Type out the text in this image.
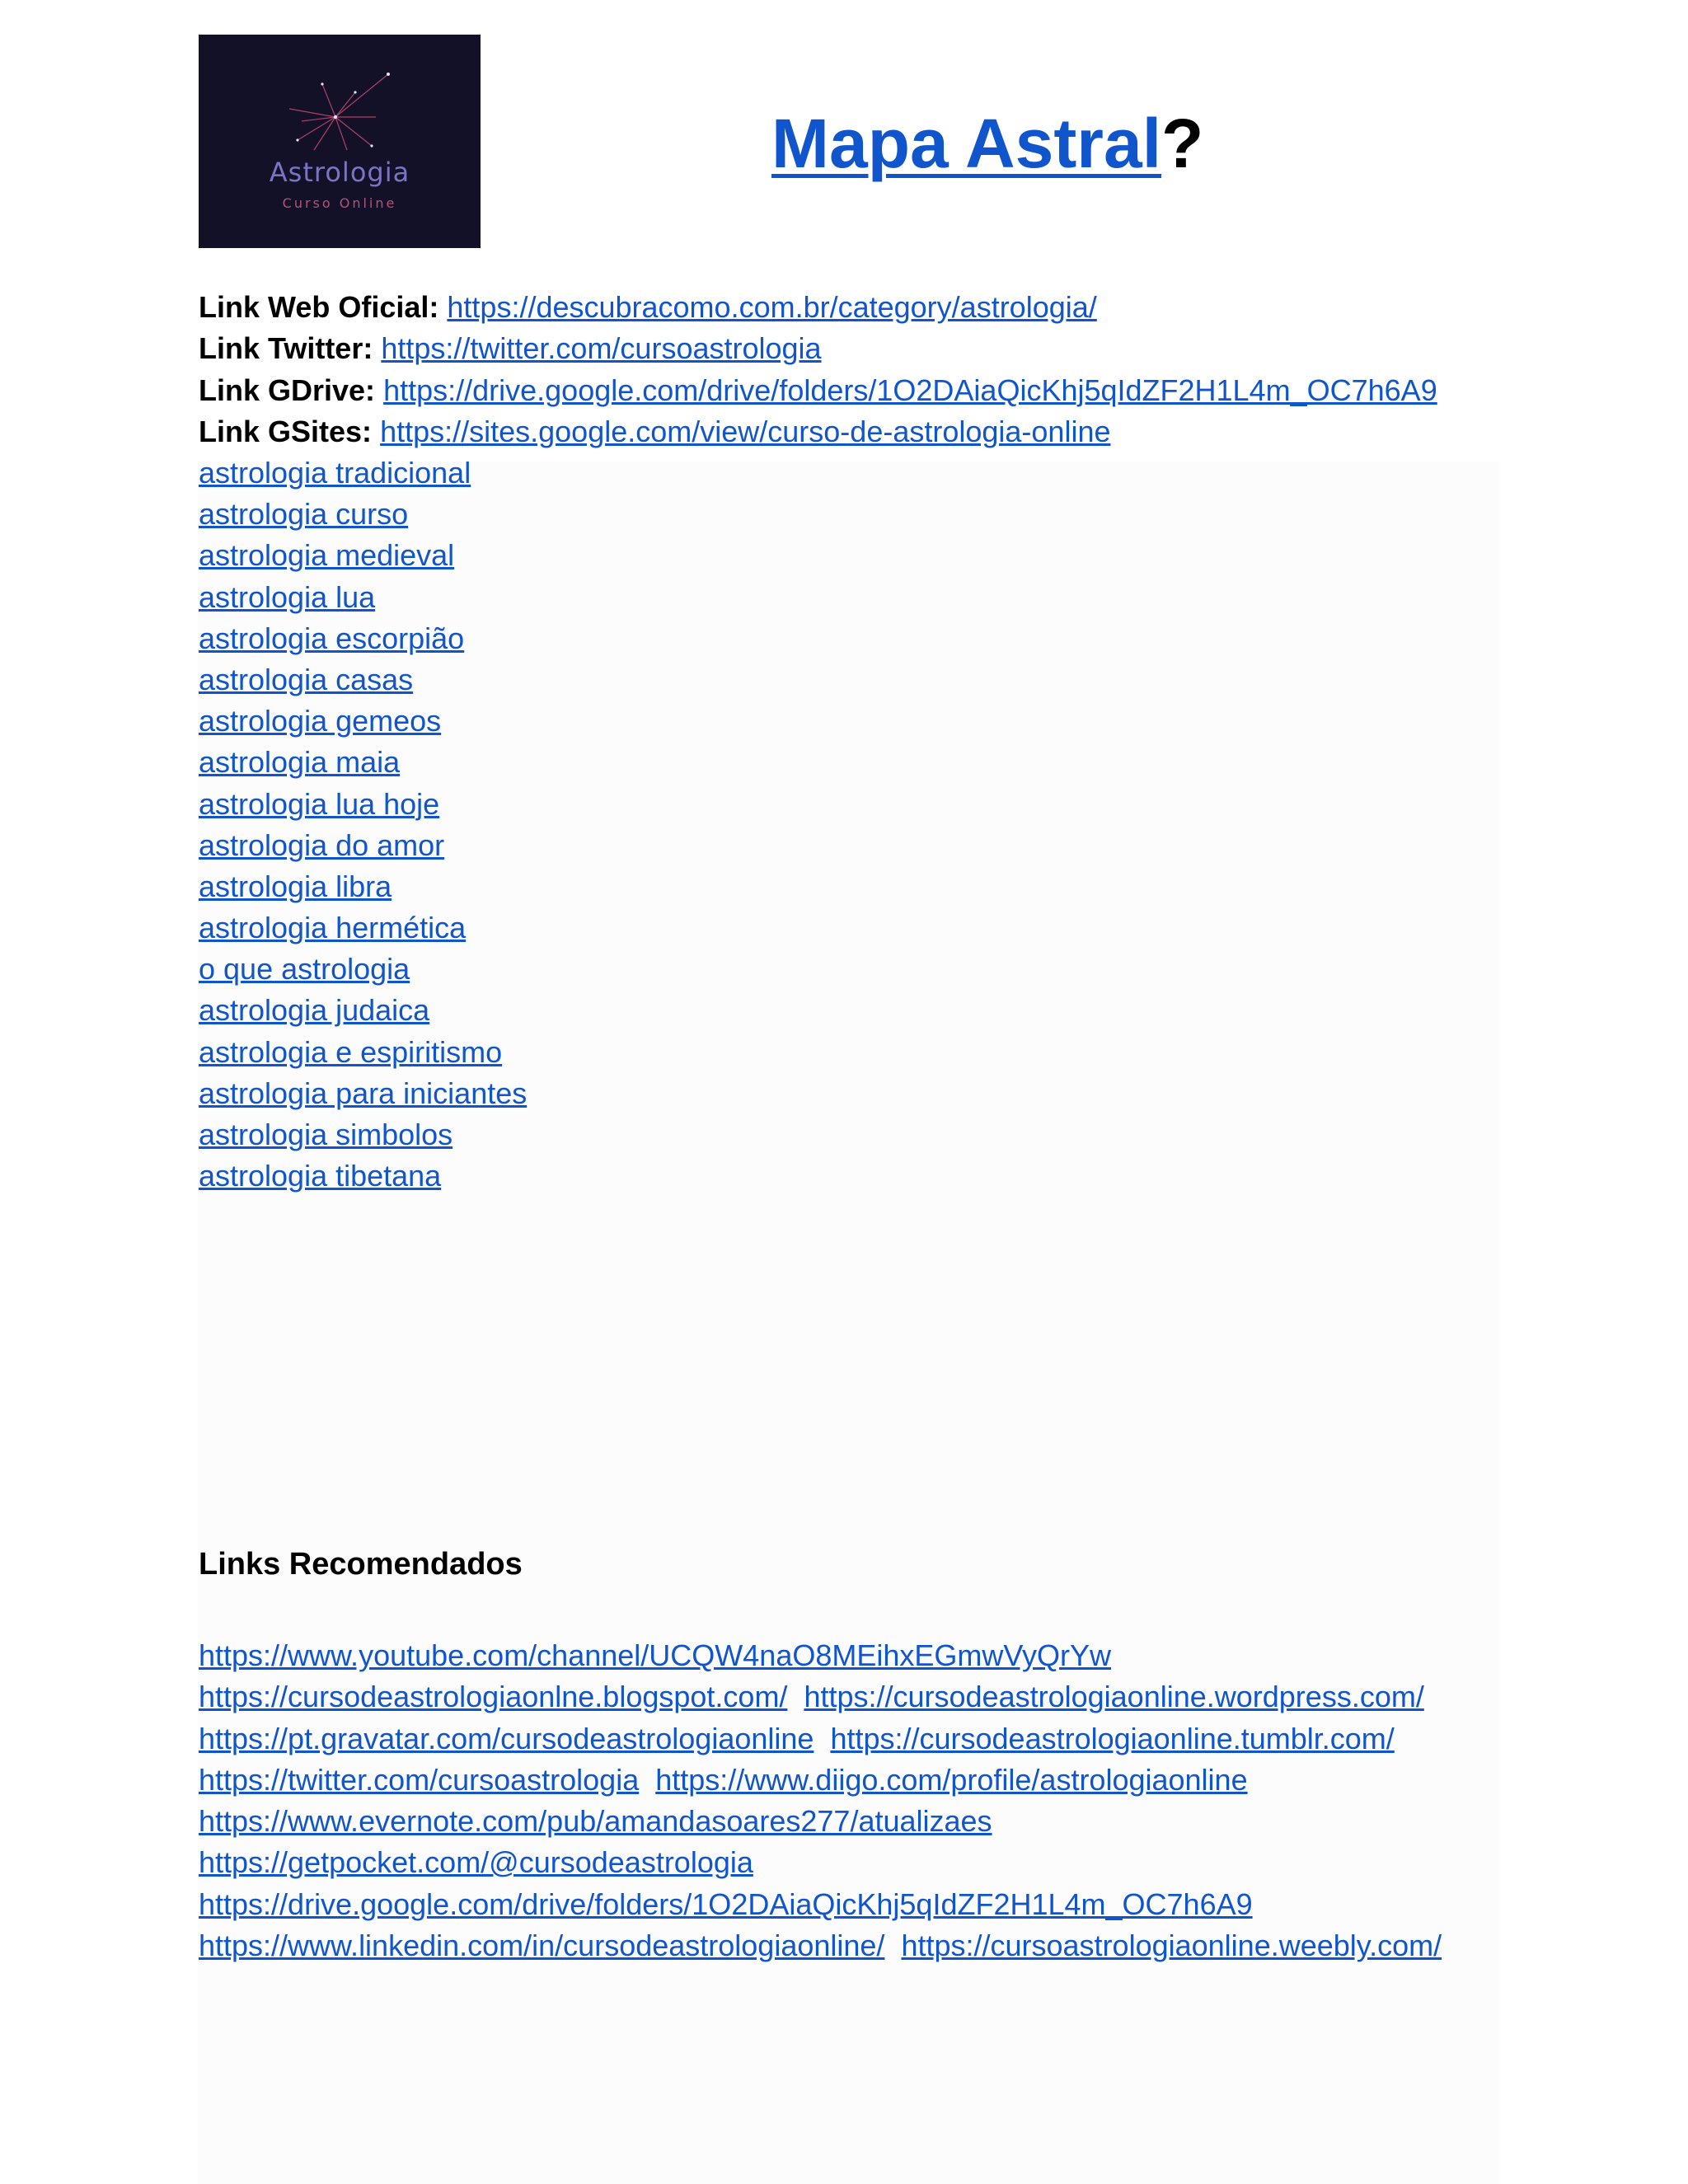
Astrologia
Curso Online
Mapa Astral?
Link Web Oficial: https://descubracomo.com.br/category/astrologia/
Link Twitter: https://twitter.com/cursoastrologia
Link GDrive: https://drive.google.com/drive/folders/1O2DAiaQicKhj5qIdZF2H1L4m_OC7h6A9
Link GSites: https://sites.google.com/view/curso-de-astrologia-online
astrologia tradicional
astrologia curso
astrologia medieval
astrologia lua
astrologia escorpião
astrologia casas
astrologia gemeos
astrologia maia
astrologia lua hoje
astrologia do amor
astrologia libra
astrologia hermética
o que astrologia
astrologia judaica
astrologia e espiritismo
astrologia para iniciantes
astrologia simbolos
astrologia tibetana
Links Recomendados
https://www.youtube.com/channel/UCQW4naO8MEihxEGmwVyQrYw
https://cursodeastrologiaonlne.blogspot.com/ https://cursodeastrologiaonline.wordpress.com/
https://pt.gravatar.com/cursodeastrologiaonline https://cursodeastrologiaonline.tumblr.com/
https://twitter.com/cursoastrologia https://www.diigo.com/profile/astrologiaonline
https://www.evernote.com/pub/amandasoares277/atualizaes
https://getpocket.com/@cursodeastrologia
https://drive.google.com/drive/folders/1O2DAiaQicKhj5qIdZF2H1L4m_OC7h6A9
https://www.linkedin.com/in/cursodeastrologiaonline/ https://cursoastrologiaonline.weebly.com/
